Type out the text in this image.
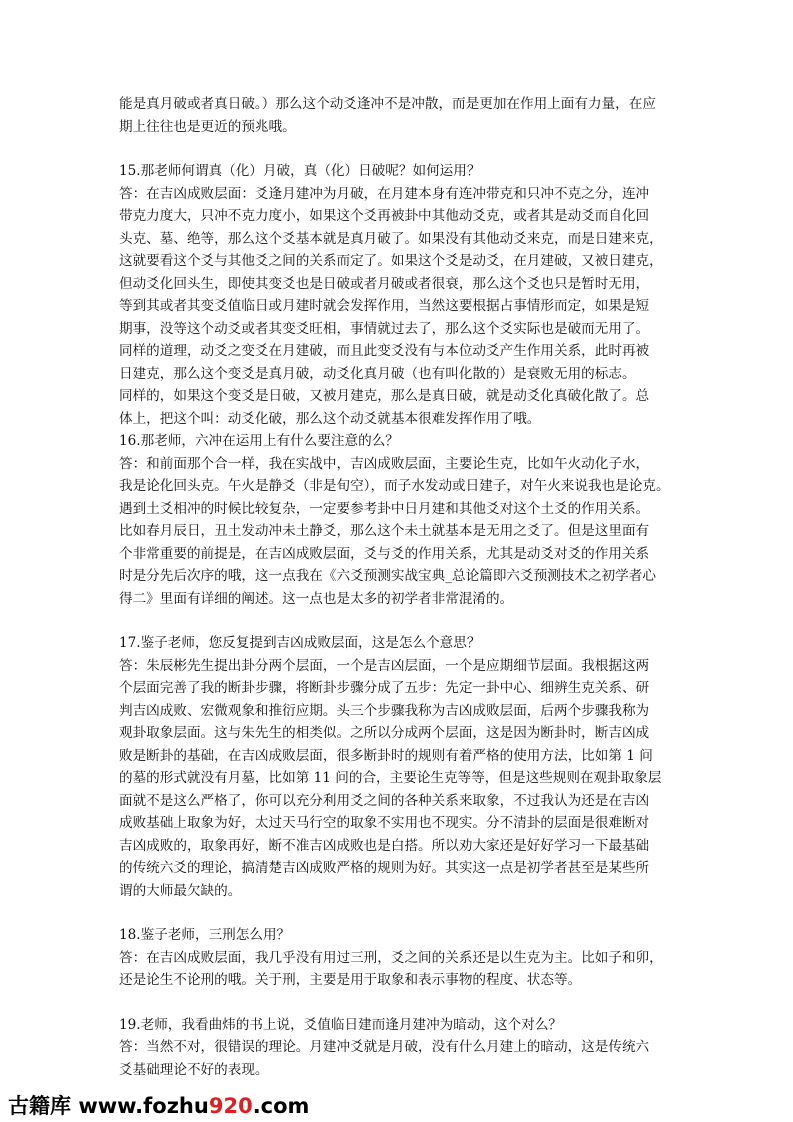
能是真月破或者真日破。）那么这个动爻逢冲不是冲散，而是更加在作用上面有力量，在应
期上往往也是更近的预兆哦。
15.那老师何谓真（化）月破，真（化）日破呢？如何运用？
答：在吉凶成败层面：爻逢月建冲为月破，在月建本身有连冲带克和只冲不克之分，连冲
带克力度大，只冲不克力度小，如果这个爻再被卦中其他动爻克，或者其是动爻而自化回
头克、墓、绝等，那么这个爻基本就是真月破了。如果没有其他动爻来克，而是日建来克，
这就要看这个爻与其他爻之间的关系而定了。如果这个爻是动爻，在月建破，又被日建克，
但动爻化回头生，即使其变爻也是日破或者月破或者很衰，那么这个爻也只是暂时无用，
等到其或者其变爻值临日或月建时就会发挥作用，当然这要根据占事情形而定，如果是短
期事，没等这个动爻或者其变爻旺相，事情就过去了，那么这个爻实际也是破而无用了。
同样的道理，动爻之变爻在月建破，而且此变爻没有与本位动爻产生作用关系，此时再被
日建克，那么这个变爻是真月破，动爻化真月破（也有叫化散的）是衰败无用的标志。
同样的，如果这个变爻是日破，又被月建克，那么是真日破，就是动爻化真破化散了。总
体上，把这个叫：动爻化破，那么这个动爻就基本很难发挥作用了哦。
16.那老师，六冲在运用上有什么要注意的么？
答：和前面那个合一样，我在实战中，吉凶成败层面，主要论生克，比如午火动化子水，
我是论化回头克。午火是静爻（非是旬空），而子水发动或日建子，对午火来说我也是论克。
遇到土爻相冲的时候比较复杂，一定要参考卦中日月建和其他爻对这个土爻的作用关系。
比如春月辰日，丑土发动冲未土静爻，那么这个未土就基本是无用之爻了。但是这里面有
个非常重要的前提是，在吉凶成败层面，爻与爻的作用关系，尤其是动爻对爻的作用关系
时是分先后次序的哦，这一点我在《六爻预测实战宝典_总论篇即六爻预测技术之初学者心
得二》里面有详细的阐述。这一点也是太多的初学者非常混淆的。
17.鉴子老师，您反复提到吉凶成败层面，这是怎么个意思？
答：朱辰彬先生提出卦分两个层面，一个是吉凶层面，一个是应期细节层面。我根据这两
个层面完善了我的断卦步骤，将断卦步骤分成了五步：先定一卦中心、细辨生克关系、研
判吉凶成败、宏微观象和推衍应期。头三个步骤我称为吉凶成败层面，后两个步骤我称为
观卦取象层面。这与朱先生的相类似。之所以分成两个层面，这是因为断卦时，断吉凶成
败是断卦的基础，在吉凶成败层面，很多断卦时的规则有着严格的使用方法，比如第 1 问
的墓的形式就没有月墓，比如第 11 问的合，主要论生克等等，但是这些规则在观卦取象层
面就不是这么严格了，你可以充分利用爻之间的各种关系来取象，不过我认为还是在吉凶
成败基础上取象为好，太过天马行空的取象不实用也不现实。分不清卦的层面是很难断对
吉凶成败的，取象再好，断不准吉凶成败也是白搭。所以劝大家还是好好学习一下最基础
的传统六爻的理论，搞清楚吉凶成败严格的规则为好。其实这一点是初学者甚至是某些所
谓的大师最欠缺的。
18.鉴子老师，三刑怎么用？
答：在吉凶成败层面，我几乎没有用过三刑，爻之间的关系还是以生克为主。比如子和卯，
还是论生不论刑的哦。关于刑，主要是用于取象和表示事物的程度、状态等。
19.老师，我看曲炜的书上说，爻值临日建而逢月建冲为暗动，这个对么？
答：当然不对，很错误的理论。月建冲爻就是月破，没有什么月建上的暗动，这是传统六
爻基础理论不好的表现。
古籍库 www.fozhu920.com
